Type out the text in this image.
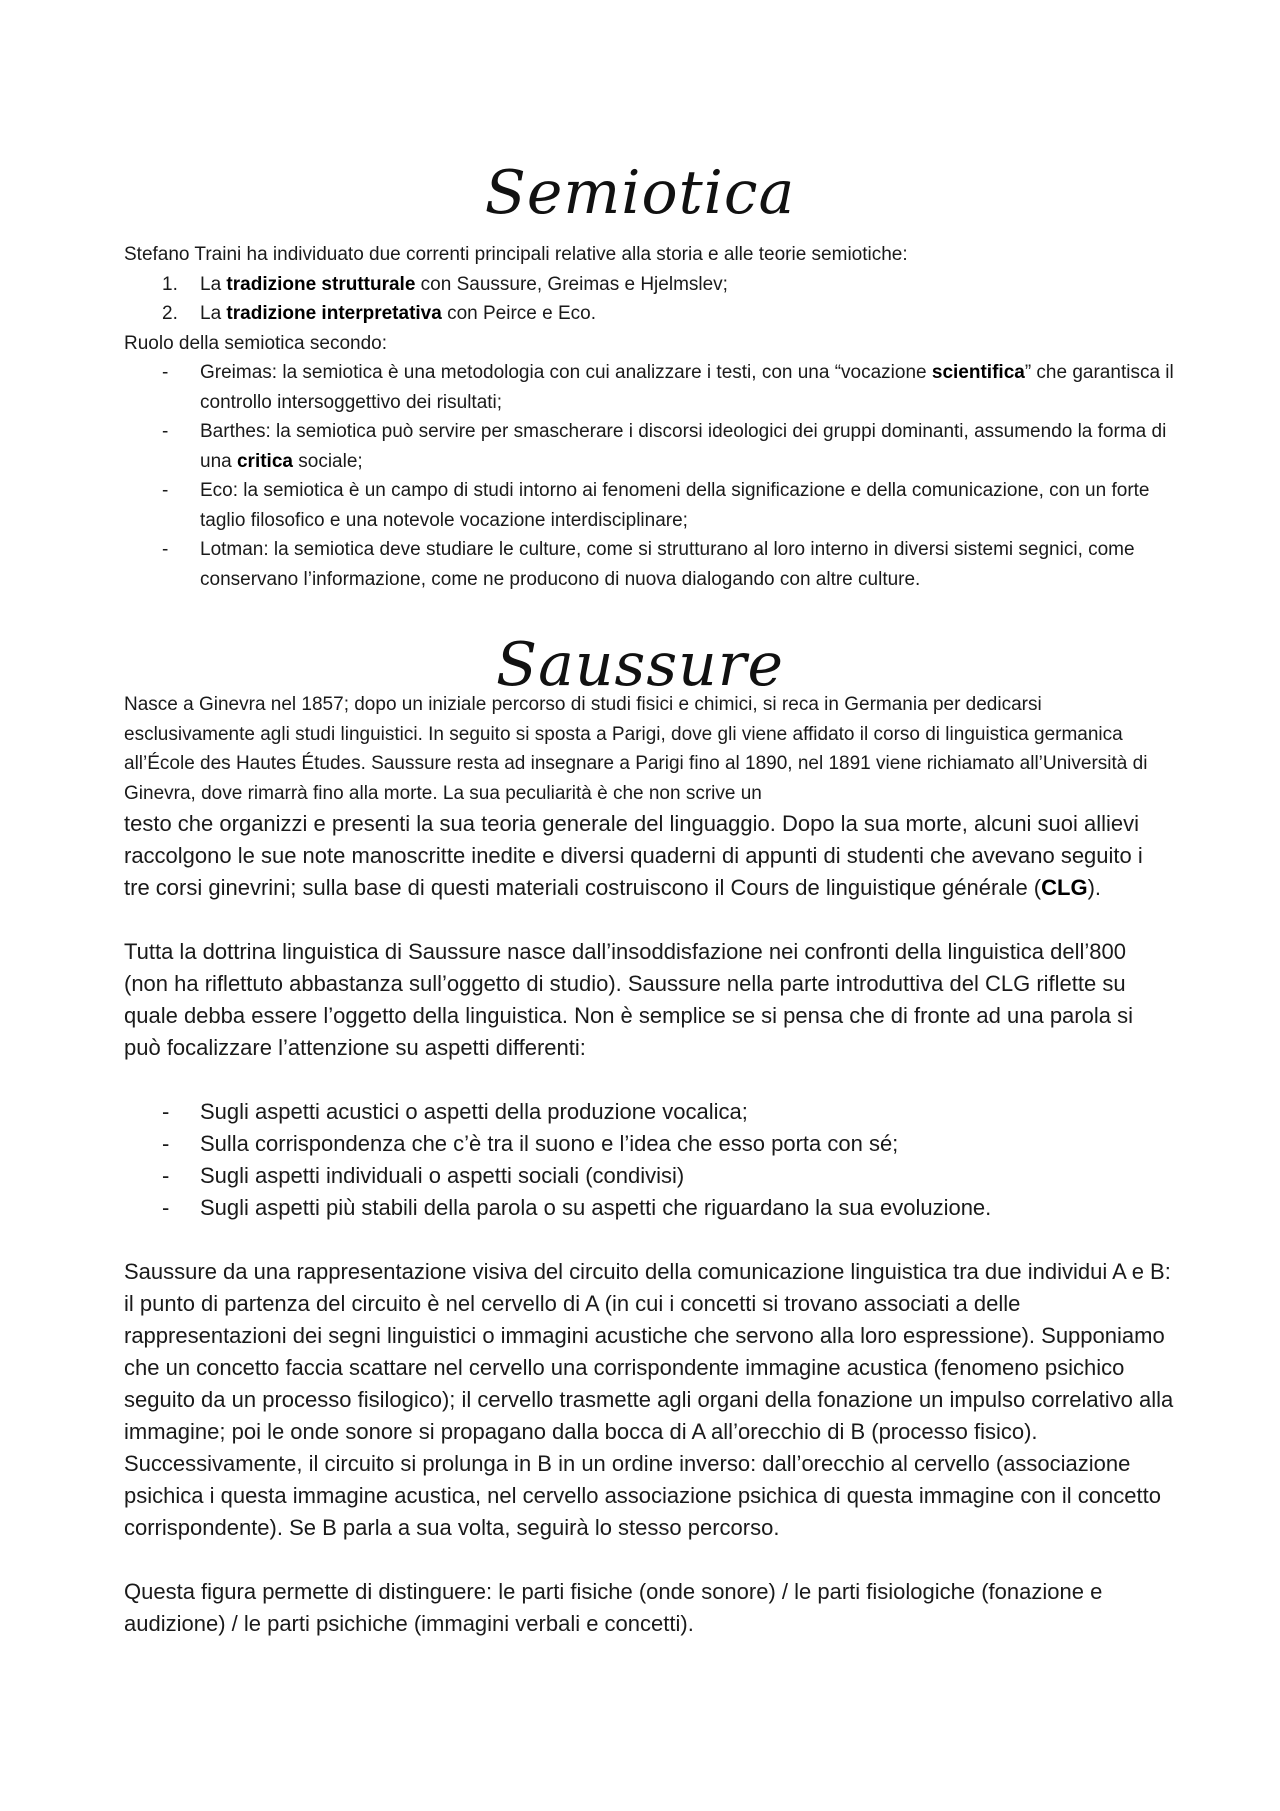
Semiotica
Stefano Traini ha individuato due correnti principali relative alla storia e alle teorie semiotiche:
1. La tradizione strutturale con Saussure, Greimas e Hjelmslev;
2. La tradizione interpretativa con Peirce e Eco.
Ruolo della semiotica secondo:
- Greimas: la semiotica è una metodologia con cui analizzare i testi, con una “vocazione scientifica” che garantisca il controllo intersoggettivo dei risultati;
- Barthes: la semiotica può servire per smascherare i discorsi ideologici dei gruppi dominanti, assumendo la forma di una critica sociale;
- Eco: la semiotica è un campo di studi intorno ai fenomeni della significazione e della comunicazione, con un forte taglio filosofico e una notevole vocazione interdisciplinare;
- Lotman: la semiotica deve studiare le culture, come si strutturano al loro interno in diversi sistemi segnici, come conservano l’informazione, come ne producono di nuova dialogando con altre culture.
Saussure
Nasce a Ginevra nel 1857; dopo un iniziale percorso di studi fisici e chimici, si reca in Germania per dedicarsi esclusivamente agli studi linguistici. In seguito si sposta a Parigi, dove gli viene affidato il corso di linguistica germanica all’École des Hautes Études. Saussure resta ad insegnare a Parigi fino al 1890, nel 1891 viene richiamato all’Università di Ginevra, dove rimarrà fino alla morte. La sua peculiarità è che non scrive un
testo che organizzi e presenti la sua teoria generale del linguaggio. Dopo la sua morte, alcuni suoi allievi raccolgono le sue note manoscritte inedite e diversi quaderni di appunti di studenti che avevano seguito i tre corsi ginevrini; sulla base di questi materiali costruiscono il Cours de linguistique générale (CLG).
Tutta la dottrina linguistica di Saussure nasce dall’insoddisfazione nei confronti della linguistica dell’800 (non ha riflettuto abbastanza sull’oggetto di studio). Saussure nella parte introduttiva del CLG riflette su quale debba essere l’oggetto della linguistica. Non è semplice se si pensa che di fronte ad una parola si può focalizzare l’attenzione su aspetti differenti:
- Sugli aspetti acustici o aspetti della produzione vocalica;
- Sulla corrispondenza che c’è tra il suono e l’idea che esso porta con sé;
- Sugli aspetti individuali o aspetti sociali (condivisi)
- Sugli aspetti più stabili della parola o su aspetti che riguardano la sua evoluzione.
Saussure da una rappresentazione visiva del circuito della comunicazione linguistica tra due individui A e B: il punto di partenza del circuito è nel cervello di A (in cui i concetti si trovano associati a delle rappresentazioni dei segni linguistici o immagini acustiche che servono alla loro espressione). Supponiamo che un concetto faccia scattare nel cervello una corrispondente immagine acustica (fenomeno psichico seguito da un processo fisilogico); il cervello trasmette agli organi della fonazione un impulso correlativo alla immagine; poi le onde sonore si propagano dalla bocca di A all’orecchio di B (processo fisico). Successivamente, il circuito si prolunga in B in un ordine inverso: dall’orecchio al cervello (associazione psichica i questa immagine acustica, nel cervello associazione psichica di questa immagine con il concetto corrispondente). Se B parla a sua volta, seguirà lo stesso percorso.
Questa figura permette di distinguere: le parti fisiche (onde sonore) / le parti fisiologiche (fonazione e audizione) / le parti psichiche (immagini verbali e concetti).
